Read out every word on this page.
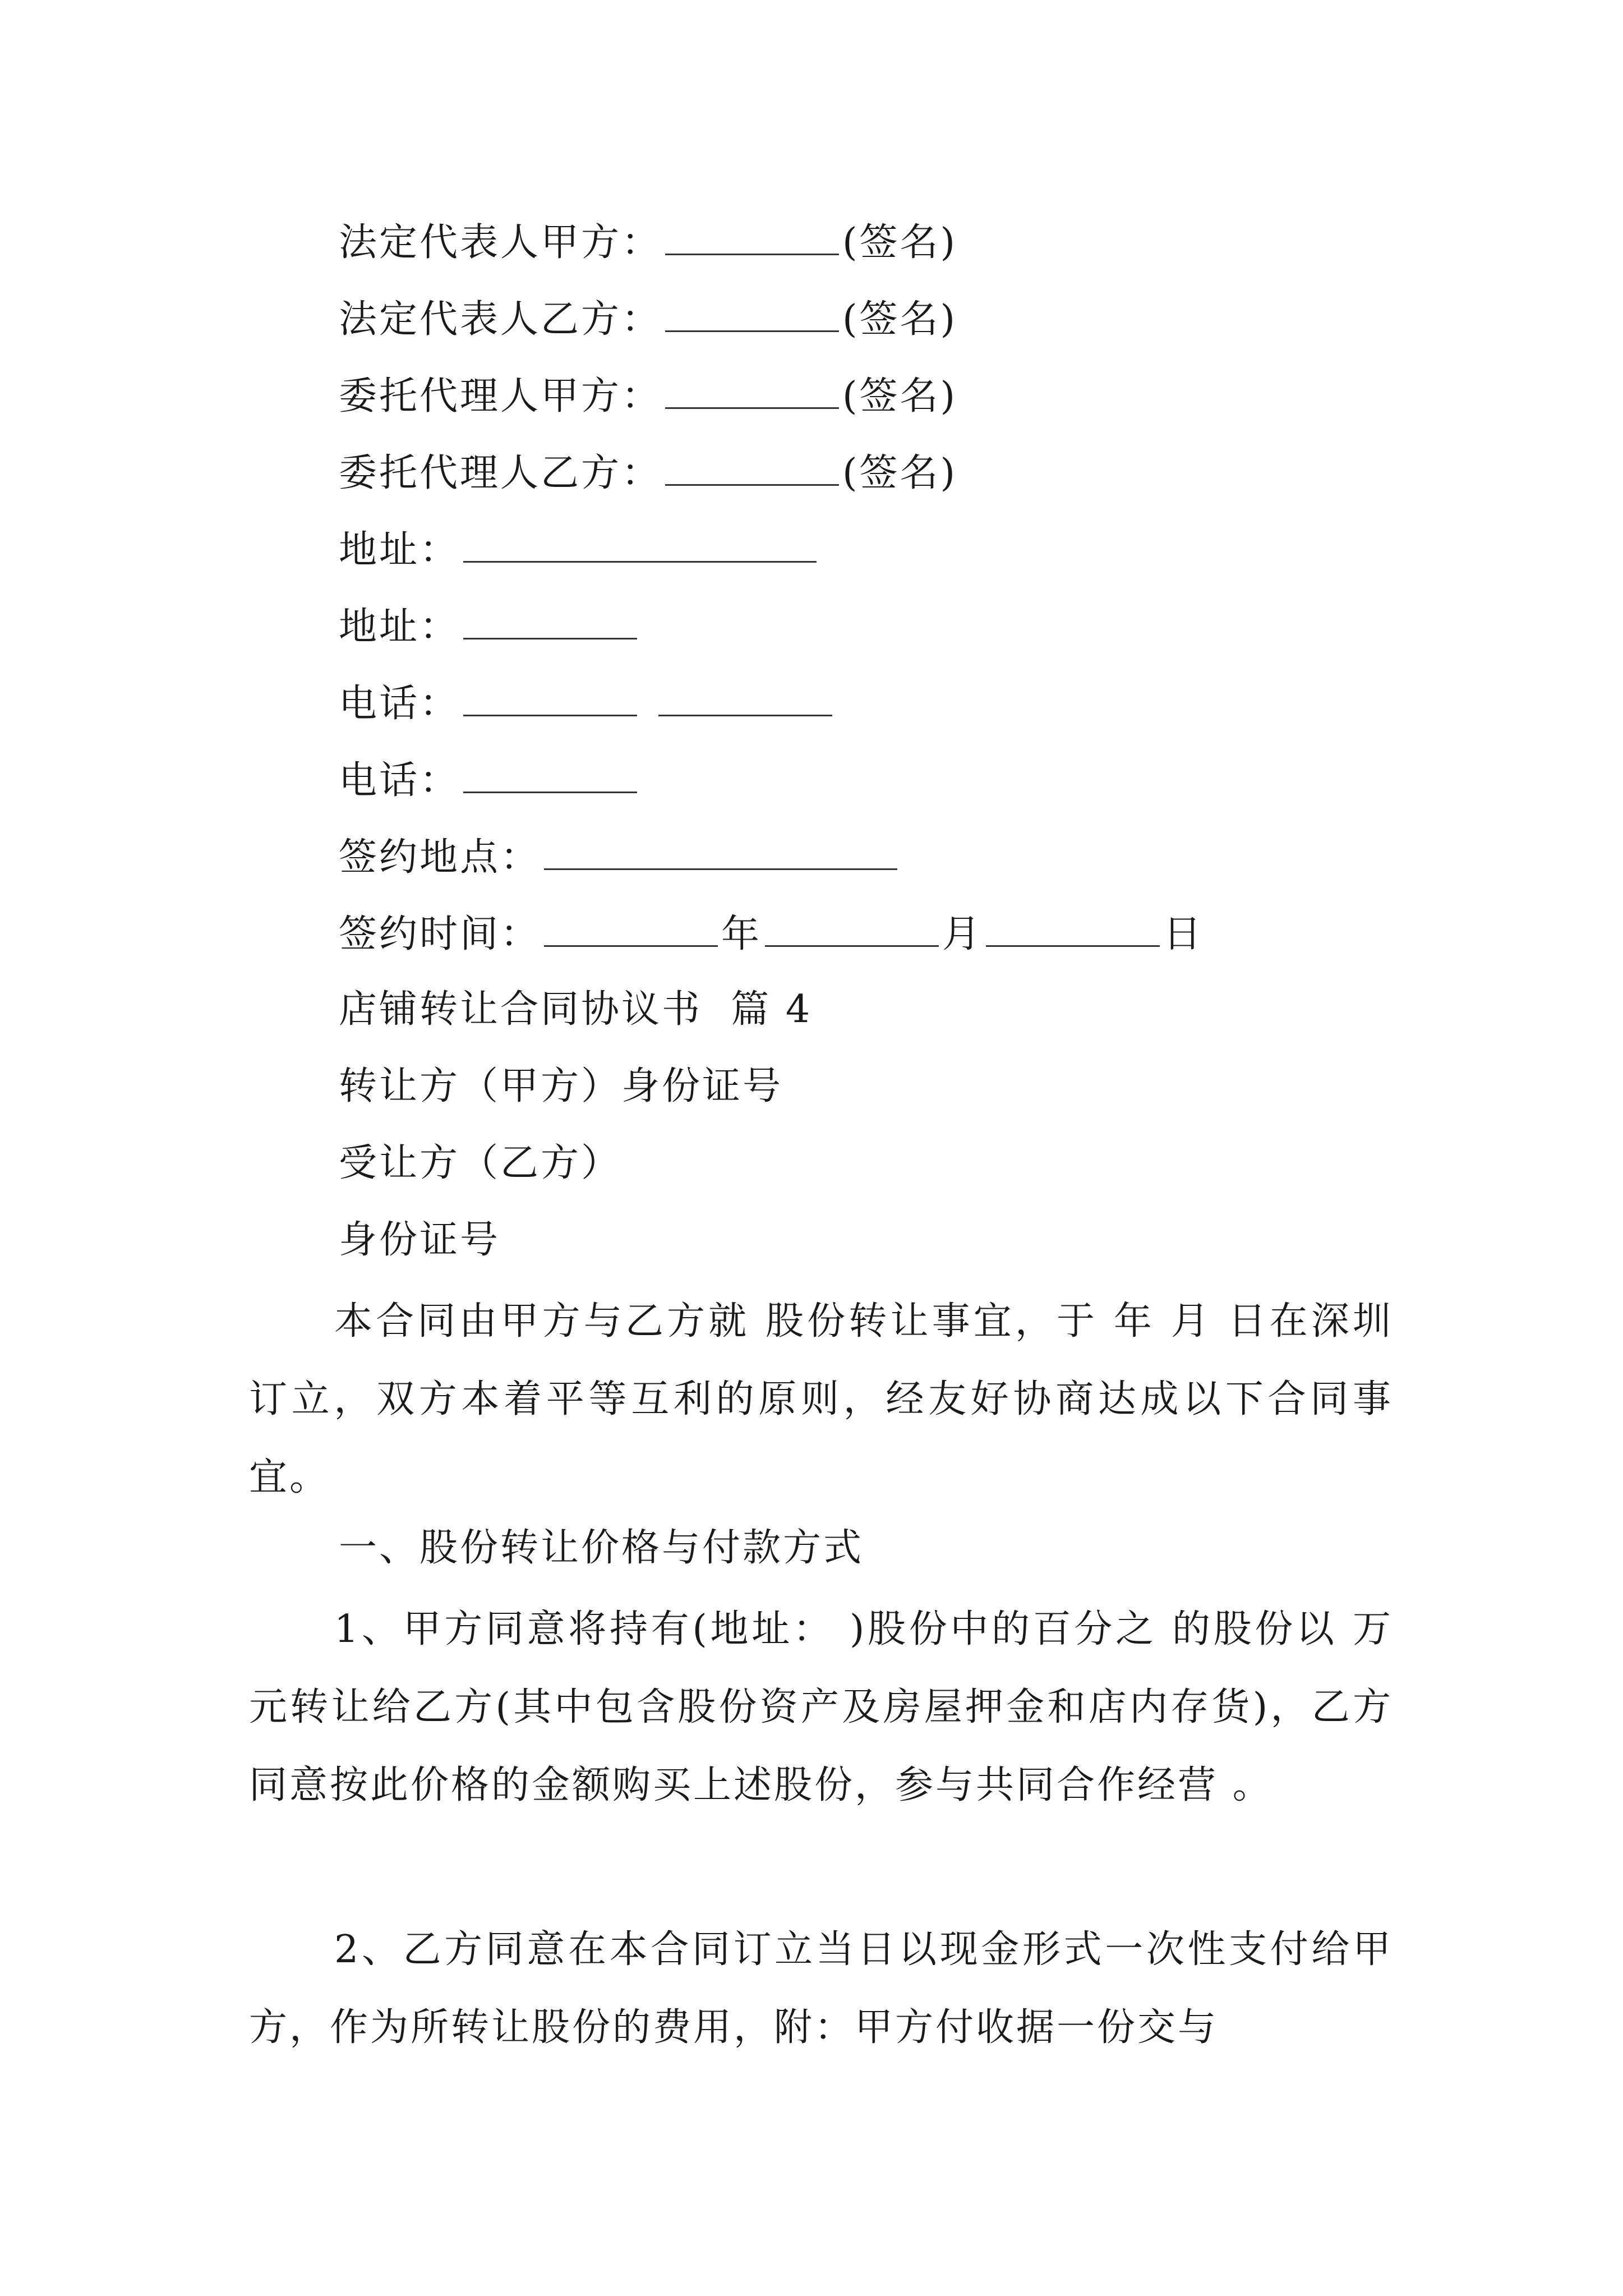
法定代表人甲方：	(签名)
法定代表人乙方：	(签名)
委托代理人甲方：	(签名)
委托代理人乙方：	(签名)
地址：
地址：
电话：
电话：
签约地点：
签约时间：	年	月	日
店铺转让合同协议书  篇 4
转让方（甲方）身份证号
受让方（乙方）
身份证号
本合同由甲方与乙方就 股份转让事宜，于 年 月 日在深圳订立，双方本着平等互利的原则，经友好协商达成以下合同事宜。
一、股份转让价格与付款方式
1、甲方同意将持有(地址： )股份中的百分之 的股份以 万元转让给乙方(其中包含股份资产及房屋押金和店内存货)，乙方同意按此价格的金额购买上述股份，参与共同合作经营 。
2、乙方同意在本合同订立当日以现金形式一次性支付给甲方，作为所转让股份的费用，附：甲方付收据一份交与
